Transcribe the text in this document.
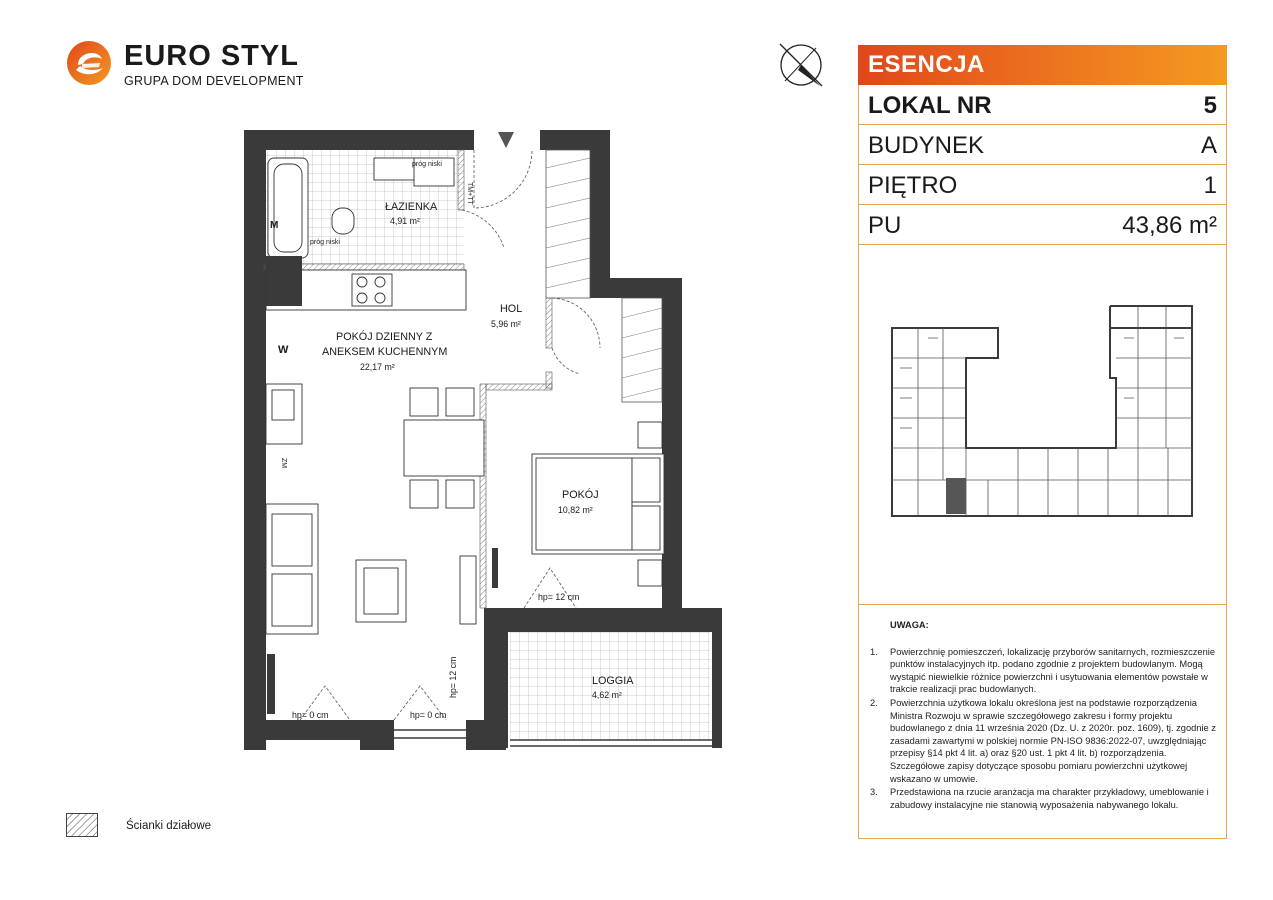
EURO STYL
GRUPA DOM DEVELOPMENT
ESENCJA
LOKAL NR	5
BUDYNEK	A
PIĘTRO	1
PU	43,86 m²
UWAGA:
1. Powierzchnię pomieszczeń, lokalizację przyborów sanitarnych, rozmieszczenie punktów instalacyjnych itp. podano zgodnie z projektem budowlanym. Mogą wystąpić niewielkie różnice powierzchni i usytuowania elementów powstałe w trakcie realizacji prac budowlanych.
2. Powierzchnia użytkowa lokalu określona jest na podstawie rozporządzenia Ministra Rozwoju w sprawie szczegółowego zakresu i formy projektu budowlanego z dnia 11 września 2020 (Dz. U. z 2020r. poz. 1609), tj. zgodnie z zasadami zawartymi w polskiej normie PN-ISO 9836:2022-07, uwzględniając przepisy §14 pkt 4 lit. a) oraz §20 ust. 1 pkt 4 lit. b) rozporządzenia. Szczegółowe zapisy dotyczące sposobu pomiaru powierzchni użytkowej wskazano w umowie.
3. Przedstawiona na rzucie aranżacja ma charakter przykładowy, umeblowanie i zabudowy instalacyjne nie stanowią wyposażenia nabywanego lokalu.
Ścianki działowe
ŁAZIENKA
4,91 m²
próg niski
próg niski
TM+TT
W
M
ZM
HOL
5,96 m²
POKÓJ DZIENNY Z
ANEKSEM KUCHENNYM
22,17 m²
POKÓJ
10,82 m²
LOGGIA
4,62 m²
hp= 12 cm
hp= 0 cm	hp= 0 cm
hp= 12 cm
